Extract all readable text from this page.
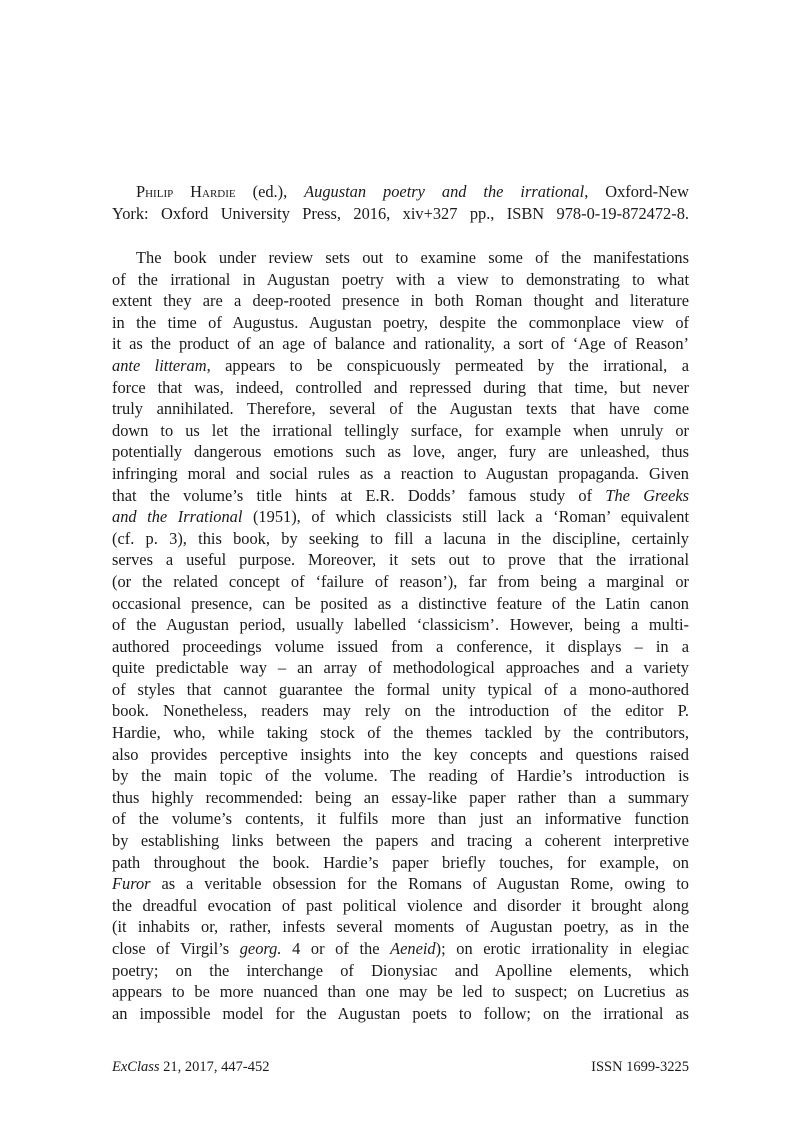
Philip Hardie (ed.), Augustan poetry and the irrational, Oxford-New
York: Oxford University Press, 2016, xiv+327 pp., ISBN 978-0-19-872472-8.
The book under review sets out to examine some of the manifestations
of the irrational in Augustan poetry with a view to demonstrating to what
extent they are a deep-rooted presence in both Roman thought and literature
in the time of Augustus. Augustan poetry, despite the commonplace view of
it as the product of an age of balance and rationality, a sort of ‘Age of Reason’
ante litteram, appears to be conspicuously permeated by the irrational, a
force that was, indeed, controlled and repressed during that time, but never
truly annihilated. Therefore, several of the Augustan texts that have come
down to us let the irrational tellingly surface, for example when unruly or
potentially dangerous emotions such as love, anger, fury are unleashed, thus
infringing moral and social rules as a reaction to Augustan propaganda. Given
that the volume’s title hints at E.R. Dodds’ famous study of The Greeks
and the Irrational (1951), of which classicists still lack a ‘Roman’ equivalent
(cf. p. 3), this book, by seeking to fill a lacuna in the discipline, certainly
serves a useful purpose. Moreover, it sets out to prove that the irrational
(or the related concept of ‘failure of reason’), far from being a marginal or
occasional presence, can be posited as a distinctive feature of the Latin canon
of the Augustan period, usually labelled ‘classicism’. However, being a multi-
authored proceedings volume issued from a conference, it displays – in a
quite predictable way – an array of methodological approaches and a variety
of styles that cannot guarantee the formal unity typical of a mono-authored
book. Nonetheless, readers may rely on the introduction of the editor P.
Hardie, who, while taking stock of the themes tackled by the contributors,
also provides perceptive insights into the key concepts and questions raised
by the main topic of the volume. The reading of Hardie’s introduction is
thus highly recommended: being an essay-like paper rather than a summary
of the volume’s contents, it fulfils more than just an informative function
by establishing links between the papers and tracing a coherent interpretive
path throughout the book. Hardie’s paper briefly touches, for example, on
Furor as a veritable obsession for the Romans of Augustan Rome, owing to
the dreadful evocation of past political violence and disorder it brought along
(it inhabits or, rather, infests several moments of Augustan poetry, as in the
close of Virgil’s georg. 4 or of the Aeneid); on erotic irrationality in elegiac
poetry; on the interchange of Dionysiac and Apolline elements, which
appears to be more nuanced than one may be led to suspect; on Lucretius as
an impossible model for the Augustan poets to follow; on the irrational as
ExClass 21, 2017, 447-452	ISSN 1699-3225
